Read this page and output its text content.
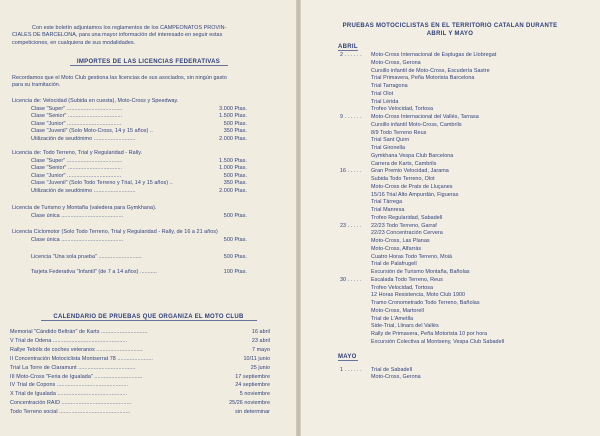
Con este boletín adjuntamos los reglamentos de los CAMPEONATOS PROVIN-
CIALES DE BARCELONA, para una mayor información del interesado en seguir estas
competiciones, en cualquiera de sus modalidades.
IMPORTES DE LAS LICENCIAS FEDERATIVAS
Recordamos que el Moto Club gestiona las licencias de sus asociados, sin ningún gasto
para su tramitación.
Licencia de: Velocidad (Subida en cuesta), Moto-Cross y Speedway.
Clase "Super" ....................................	3.000 Ptas.
Clase "Senior" ...................................	1.500 Ptas.
Clase "Junior" ...................................	500 Ptas.
Clase "Juvenil" (Solo Moto-Cross, 14 y 15 años) ..	350 Ptas.
Utilización de seudónimo ...........................	2.000 Ptas.
Licencia de: Todo Terreno, Trial y Regularidad - Rally.
Clase "Super" ....................................	1.500 Ptas.
Clase "Senior" ...................................	1.000 Ptas.
Clase "Junior" ...................................	500 Ptas.
Clase "Juvenil" (Solo Todo Terreno y Trial, 14 y 15 años) ..	350 Ptas.
Utilización de seudónimo ...........................	2.000 Ptas.
Licencia de Turismo y Montaña (valedera para Gymkhana).
Clase única ........................................	500 Ptas.
Licencia Ciclomotor (Solo Todo Terreno, Trial y Regularidad - Rally, de 16 a 21 años)
Clase única ........................................	500 Ptas.
Licencia "Una sola prueba" ............................	500 Ptas.
Tarjeta Federativa "Infantil" (de 7 a 14 años) ...........	100 Ptas.
CALENDARIO DE PRUEBAS QUE ORGANIZA EL MOTO CLUB
Memorial "Cándido Beltrán" de Karts ..............................	16 abril
V Trial de Odena ................................................	23 abril
Rallye Tebóls de coches veteranos ..............................	7 mayo
II Concentración Motociclista Montserrat 78 .......................	10/11 junio
Trial La Torre de Claramunt .....................................	25 junio
III Moto-Cross "Feria de Igualada" ...............................	17 septiembre
IV Trial de Copons ..............................................	24 septiembre
X Trial de Igualada .............................................	5 noviembre
Concentración RAID .............................................	25/26 noviembre
Todo Terreno social ..............................................	sin determinar
PRUEBAS MOTOCICLISTAS EN EL TERRITORIO CATALAN DURANTE
ABRIL Y MAYO
ABRIL
2 . . . . . . Moto-Cross Internacional de Esplugas de Llobregat
Moto-Cross, Gerona
Cursillo infantil de Moto-Cross, Escudería Sastre
Trial Primavera, Peña Motorista Barcelona
Trial Tarragona
Trial Olot
Trial Lérida
Trofeo Velocidad, Tortosa
9 . . . . . . Moto-Cross Internacional del Vallés, Tarrasa
Cursillo infantil Moto-Cross, Cambrils
8/9 Todo Terreno Reus
Trial Sant Quirn
Trial Gironella
Gymkhana Vespa Club Barcelona
Carrera de Karts, Cambrils
16 . . . . . Gran Premio Velocidad, Jarama
Subida Todo Terreno, Olot
Moto-Cross de Prats de Lluçanes
15/16 Trial Alto Ampurdán, Figueras
Trial Tàrrega
Trial Manresa
Trofeo Regularidad, Sabadell
23 . . . . . 22/23 Todo Terreno, Garraf
22/23 Concentración Cervera
Moto-Cross, Las Planas
Moto-Cross, Alfarràs
Cuatro Horas Todo Terreno, Moià
Trial de Palafrugell
Excursión de Turismo Montaña, Bañolas
30 . . . . . Escalada Todo Terreno, Reus
Trofeo Velocidad, Tortosa
12 Horas Resistencia, Moto Club 1900
Tramo Cronometrado Todo Terreno, Bañolas
Moto-Cross, Martorell
Trial de L'Ametlla
Side-Trial, Llinars del Vallès
Rally de Primavera, Peña Motorista 10 por hora
Excursión Colectiva al Montseny, Vespa Club Sabadell
MAYO
1 . . . . . . Trial de Sabadell
Moto-Cross, Gerona
